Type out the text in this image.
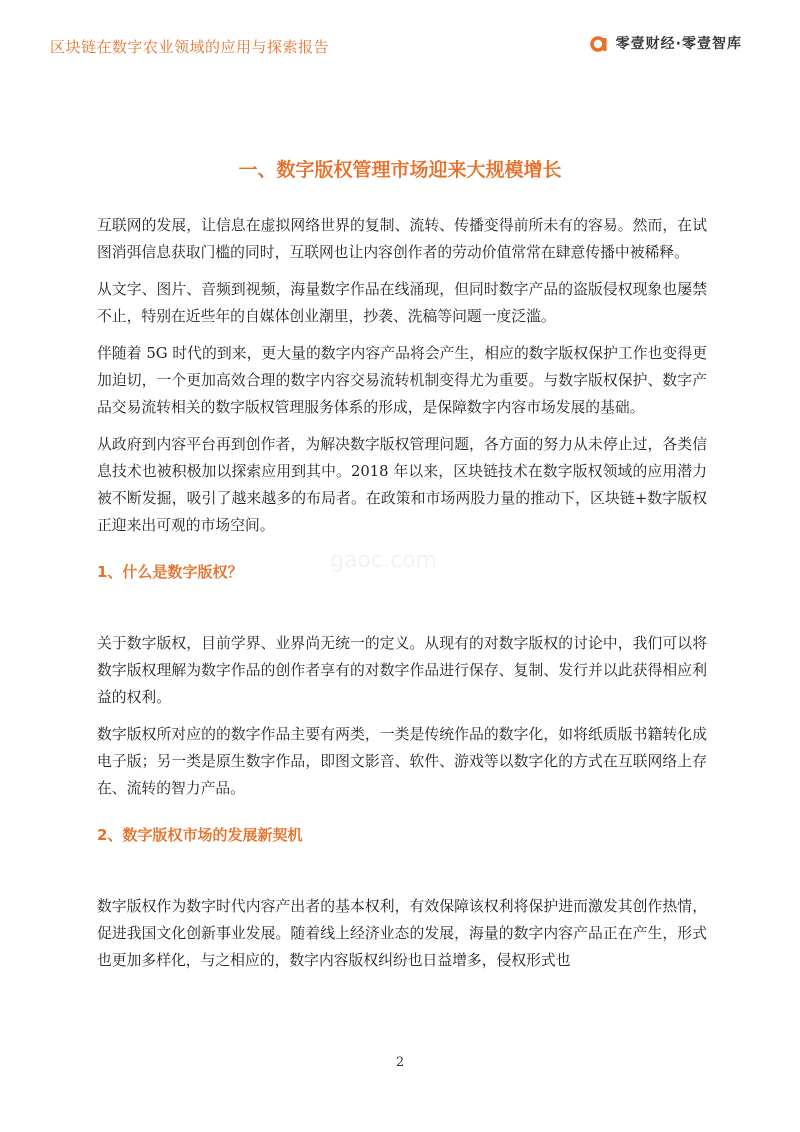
区块链在数字农业领域的应用与探索报告	零壹财经·零壹智库
一、数字版权管理市场迎来大规模增长

互联网的发展，让信息在虚拟网络世界的复制、流转、传播变得前所未有的容易。然而，在试图消弭信息获取门槛的同时，互联网也让内容创作者的劳动价值常常在肆意传播中被稀释。

从文字、图片、音频到视频，海量数字作品在线涌现，但同时数字产品的盗版侵权现象也屡禁不止，特别在近些年的自媒体创业潮里，抄袭、洗稿等问题一度泛滥。

伴随着 5G 时代的到来，更大量的数字内容产品将会产生，相应的数字版权保护工作也变得更加迫切，一个更加高效合理的数字内容交易流转机制变得尤为重要。与数字版权保护、数字产品交易流转相关的数字版权管理服务体系的形成，是保障数字内容市场发展的基础。

从政府到内容平台再到创作者，为解决数字版权管理问题，各方面的努力从未停止过，各类信息技术也被积极加以探索应用到其中。2018 年以来，区块链技术在数字版权领域的应用潜力被不断发掘，吸引了越来越多的布局者。在政策和市场两股力量的推动下，区块链+数字版权正迎来出可观的市场空间。

1、什么是数字版权？

关于数字版权，目前学界、业界尚无统一的定义。从现有的对数字版权的讨论中，我们可以将数字版权理解为数字作品的创作者享有的对数字作品进行保存、复制、发行并以此获得相应利益的权利。

数字版权所对应的的数字作品主要有两类，一类是传统作品的数字化，如将纸质版书籍转化成电子版；另一类是原生数字作品，即图文影音、软件、游戏等以数字化的方式在互联网络上存在、流转的智力产品。

2、数字版权市场的发展新契机

数字版权作为数字时代内容产出者的基本权利，有效保障该权利将保护进而激发其创作热情，促进我国文化创新事业发展。随着线上经济业态的发展，海量的数字内容产品正在产生，形式也更加多样化，与之相应的，数字内容版权纠纷也日益增多，侵权形式也

gaoc.com
2
